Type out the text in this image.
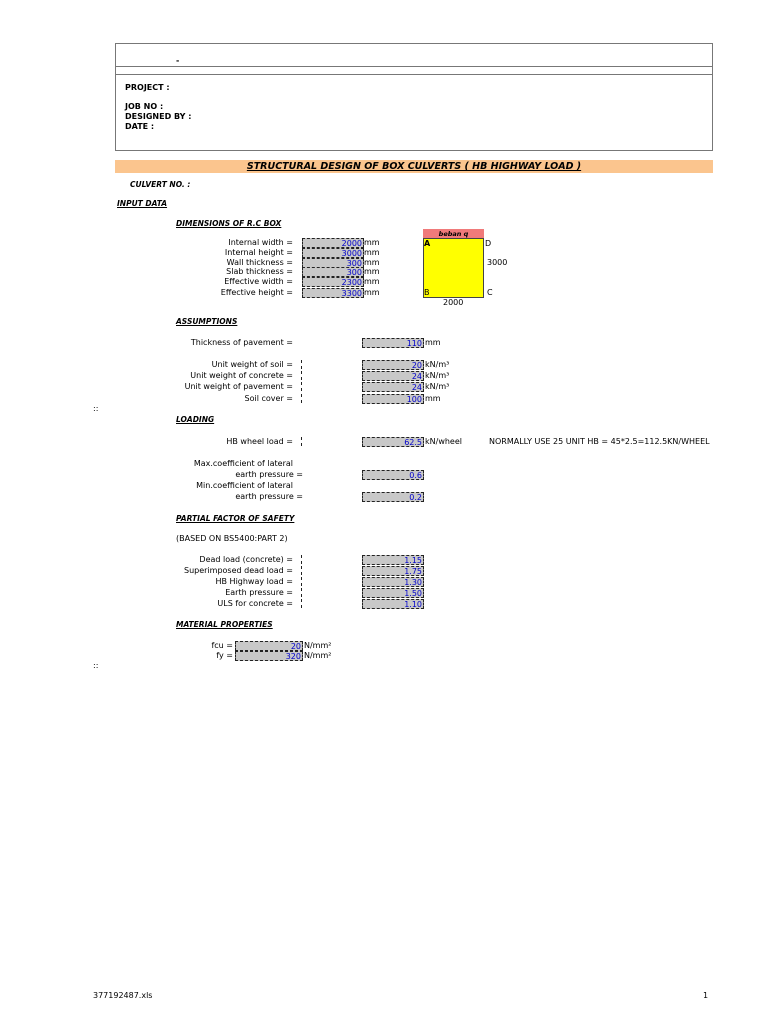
-
PROJECT :
JOB NO :
DESIGNED BY :
DATE :
STRUCTURAL DESIGN OF BOX CULVERTS ( HB HIGHWAY LOAD )
CULVERT NO. :
INPUT DATA
DIMENSIONS OF R.C BOX
Internal width =	2000 mm
Internal height =	3000 mm
Wall thickness =	300 mm
Slab thickness =	300 mm
Effective width =	2300 mm
Effective height =	3300 mm
beban q
A	D
3000
B	C
2000
ASSUMPTIONS
Thickness of pavement =	110 mm
Unit weight of soil =	20 kN/m³
Unit weight of concrete =	24 kN/m³
Unit weight of pavement =	24 kN/m³
Soil cover =	100 mm
::
LOADING
HB wheel load =	62.5 kN/wheel	NORMALLY USE 25 UNIT HB = 45*2.5=112.5KN/WHEEL
Max.coefficient of lateral
earth pressure =	0.6
Min.coefficient of lateral
earth pressure =	0.2
PARTIAL FACTOR OF SAFETY
(BASED ON BS5400:PART 2)
Dead load (concrete) =	1.15
Superimposed dead load =	1.75
HB Highway load =	1.30
Earth pressure =	1.50
ULS for concrete =	1.10
MATERIAL PROPERTIES
fcu =	20 N/mm²
fy =	320 N/mm²
::
377192487.xls	1
